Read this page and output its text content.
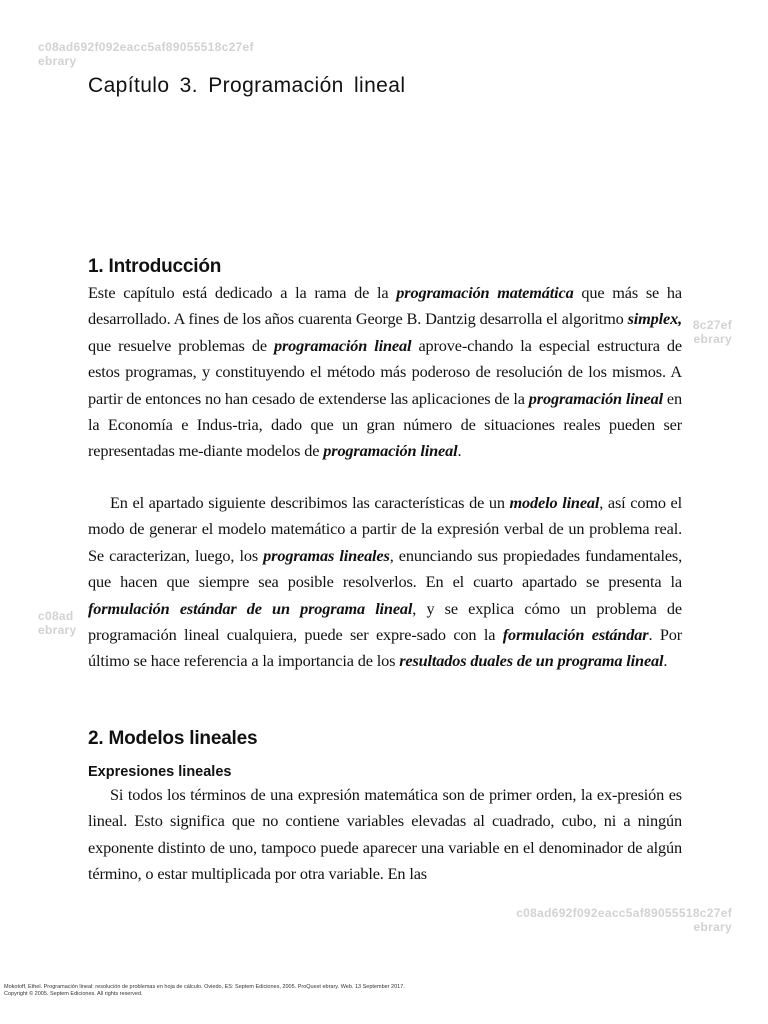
c08ad692f092eacc5af89055518c27ef
ebrary
8c27ef
ebrary
c08ad
ebrary
c08ad692f092eacc5af89055518c27ef
ebrary
Capítulo 3. Programación lineal
1. Introducción

Este capítulo está dedicado a la rama de la programación matemática que más se ha desarrollado. A fines de los años cuarenta George B. Dantzig desarrolla el algoritmo simplex, que resuelve problemas de programación lineal aprove-chando la especial estructura de estos programas, y constituyendo el método más poderoso de resolución de los mismos. A partir de entonces no han cesado de extenderse las aplicaciones de la programación lineal en la Economía e Indus-tria, dado que un gran número de situaciones reales pueden ser representadas me-diante modelos de programación lineal.

En el apartado siguiente describimos las características de un modelo lineal, así como el modo de generar el modelo matemático a partir de la expresión verbal de un problema real. Se caracterizan, luego, los programas lineales, enunciando sus propiedades fundamentales, que hacen que siempre sea posible resolverlos. En el cuarto apartado se presenta la formulación estándar de un programa lineal, y se explica cómo un problema de programación lineal cualquiera, puede ser expre-sado con la formulación estándar. Por último se hace referencia a la importancia de los resultados duales de un programa lineal.

2. Modelos lineales
Expresiones lineales

Si todos los términos de una expresión matemática son de primer orden, la ex-presión es lineal. Esto significa que no contiene variables elevadas al cuadrado, cubo, ni a ningún exponente distinto de uno, tampoco puede aparecer una variable en el denominador de algún término, o estar multiplicada por otra variable. En las

Mokotoff, Ethel. Programación lineal: resolución de problemas en hoja de cálculo. Oviedo, ES: Septem Ediciones, 2005. ProQuest ebrary. Web. 13 September 2017.
Copyright © 2005. Septem Ediciones. All rights reserved.
